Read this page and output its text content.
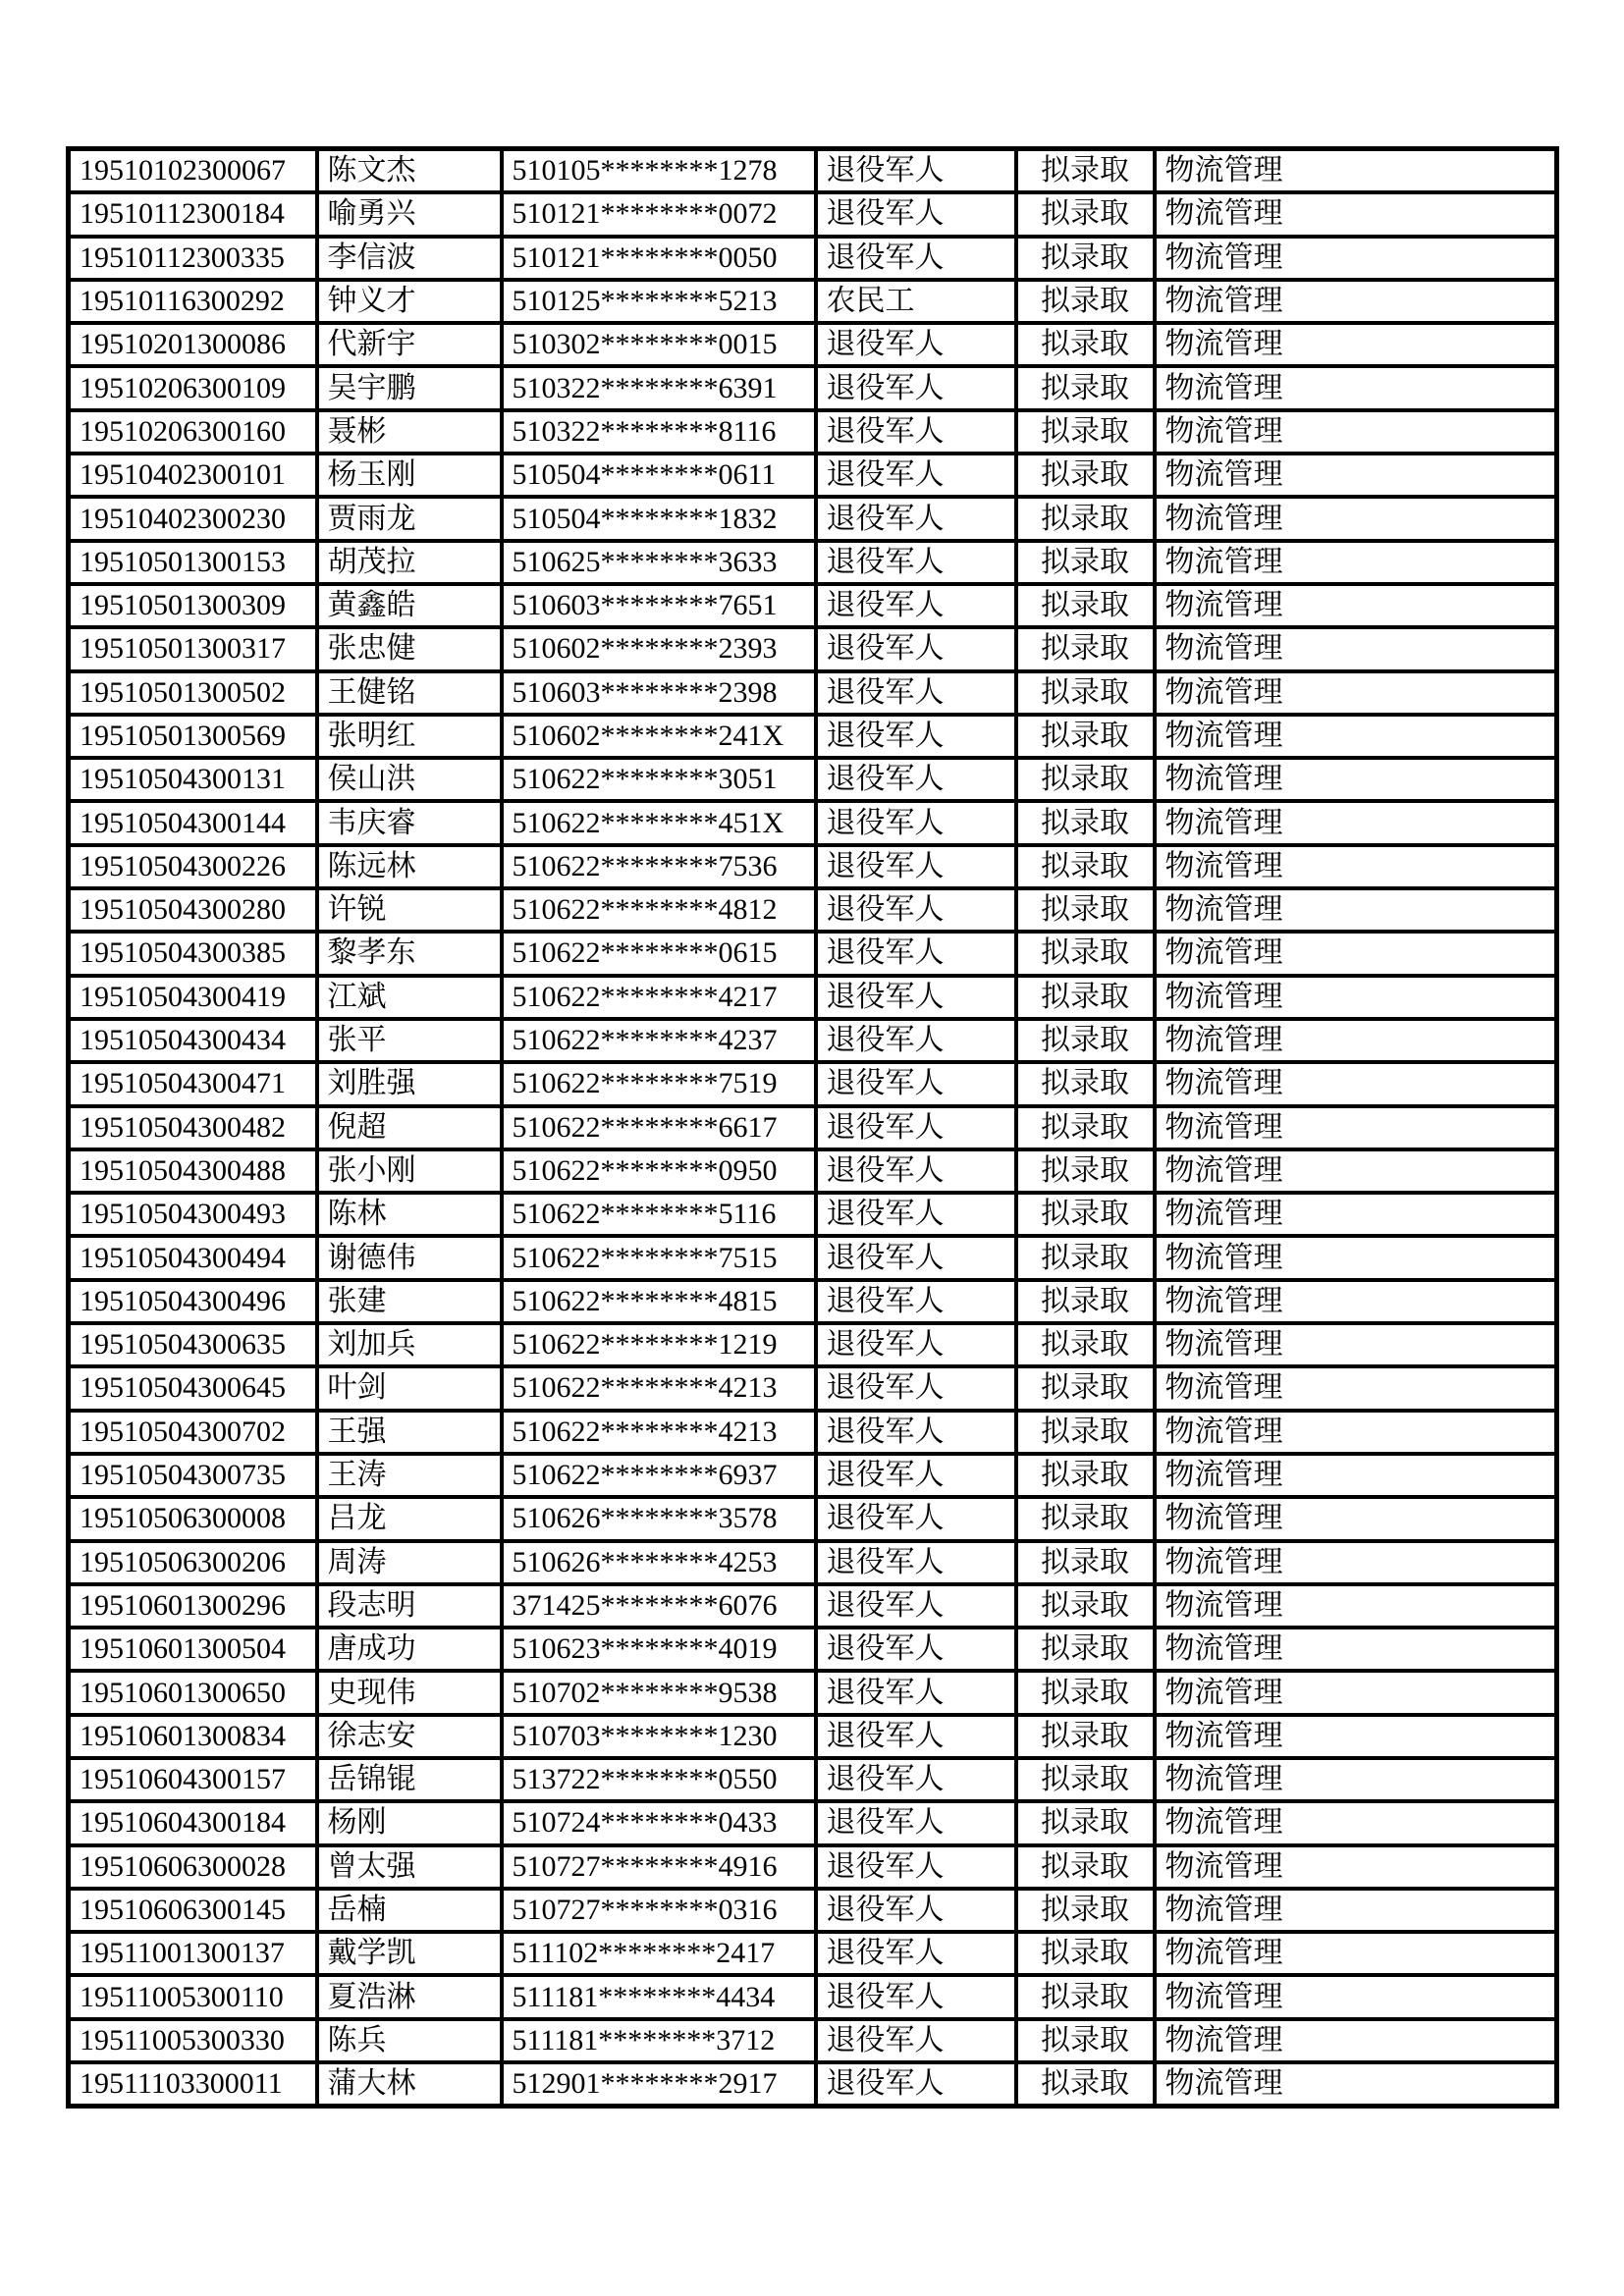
19510102300067	陈文杰	510105********1278	退役军人	拟录取	物流管理
19510112300184	喻勇兴	510121********0072	退役军人	拟录取	物流管理
19510112300335	李信波	510121********0050	退役军人	拟录取	物流管理
19510116300292	钟义才	510125********5213	农民工	拟录取	物流管理
19510201300086	代新宇	510302********0015	退役军人	拟录取	物流管理
19510206300109	吴宇鹏	510322********6391	退役军人	拟录取	物流管理
19510206300160	聂彬	510322********8116	退役军人	拟录取	物流管理
19510402300101	杨玉刚	510504********0611	退役军人	拟录取	物流管理
19510402300230	贾雨龙	510504********1832	退役军人	拟录取	物流管理
19510501300153	胡茂拉	510625********3633	退役军人	拟录取	物流管理
19510501300309	黄鑫皓	510603********7651	退役军人	拟录取	物流管理
19510501300317	张忠健	510602********2393	退役军人	拟录取	物流管理
19510501300502	王健铭	510603********2398	退役军人	拟录取	物流管理
19510501300569	张明红	510602********241X	退役军人	拟录取	物流管理
19510504300131	侯山洪	510622********3051	退役军人	拟录取	物流管理
19510504300144	韦庆睿	510622********451X	退役军人	拟录取	物流管理
19510504300226	陈远林	510622********7536	退役军人	拟录取	物流管理
19510504300280	许锐	510622********4812	退役军人	拟录取	物流管理
19510504300385	黎孝东	510622********0615	退役军人	拟录取	物流管理
19510504300419	江斌	510622********4217	退役军人	拟录取	物流管理
19510504300434	张平	510622********4237	退役军人	拟录取	物流管理
19510504300471	刘胜强	510622********7519	退役军人	拟录取	物流管理
19510504300482	倪超	510622********6617	退役军人	拟录取	物流管理
19510504300488	张小刚	510622********0950	退役军人	拟录取	物流管理
19510504300493	陈林	510622********5116	退役军人	拟录取	物流管理
19510504300494	谢德伟	510622********7515	退役军人	拟录取	物流管理
19510504300496	张建	510622********4815	退役军人	拟录取	物流管理
19510504300635	刘加兵	510622********1219	退役军人	拟录取	物流管理
19510504300645	叶剑	510622********4213	退役军人	拟录取	物流管理
19510504300702	王强	510622********4213	退役军人	拟录取	物流管理
19510504300735	王涛	510622********6937	退役军人	拟录取	物流管理
19510506300008	吕龙	510626********3578	退役军人	拟录取	物流管理
19510506300206	周涛	510626********4253	退役军人	拟录取	物流管理
19510601300296	段志明	371425********6076	退役军人	拟录取	物流管理
19510601300504	唐成功	510623********4019	退役军人	拟录取	物流管理
19510601300650	史现伟	510702********9538	退役军人	拟录取	物流管理
19510601300834	徐志安	510703********1230	退役军人	拟录取	物流管理
19510604300157	岳锦锟	513722********0550	退役军人	拟录取	物流管理
19510604300184	杨刚	510724********0433	退役军人	拟录取	物流管理
19510606300028	曾太强	510727********4916	退役军人	拟录取	物流管理
19510606300145	岳楠	510727********0316	退役军人	拟录取	物流管理
19511001300137	戴学凯	511102********2417	退役军人	拟录取	物流管理
19511005300110	夏浩淋	511181********4434	退役军人	拟录取	物流管理
19511005300330	陈兵	511181********3712	退役军人	拟录取	物流管理
19511103300011	蒲大林	512901********2917	退役军人	拟录取	物流管理
